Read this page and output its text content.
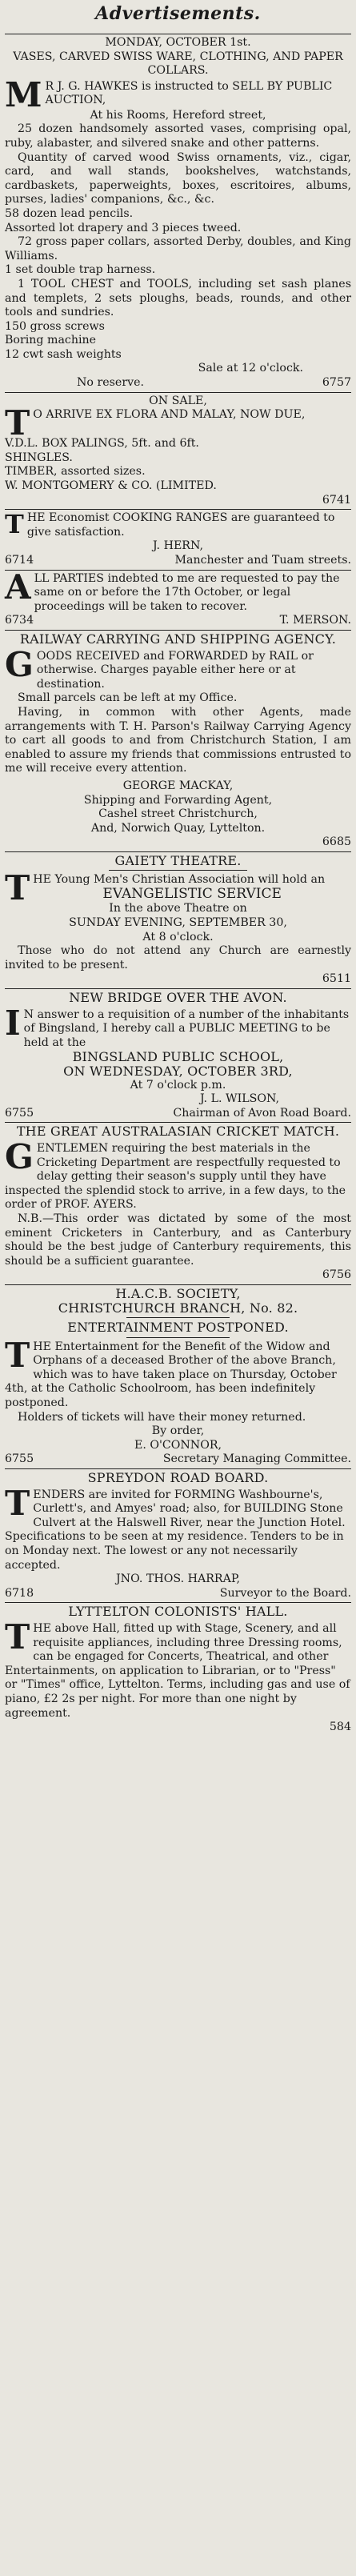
Advertisements.
MONDAY, OCTOBER 1st.
VASES, CARVED SWISS WARE, CLOTHING, AND PAPER COLLARS.
M R J. G. HAWKES is instructed to SELL BY PUBLIC AUCTION,
At his Rooms, Hereford street,
25 dozen handsomely assorted vases, comprising opal, ruby, alabaster, and silvered snake and other patterns.
Quantity of carved wood Swiss ornaments, viz., cigar, card, and wall stands, bookshelves, watchstands, cardbaskets, paperweights, boxes, escritoires, albums, purses, ladies' companions, &c., &c.
58 dozen lead pencils.
Assorted lot drapery and 3 pieces tweed.
72 gross paper collars, assorted Derby, doubles, and King Williams.
1 set double trap harness.
1 TOOL CHEST and TOOLS, including set sash planes and templets, 2 sets ploughs, beads, rounds, and other tools and sundries.
150 gross screws
Boring machine
12 cwt sash weights
Sale at 12 o'clock.
No reserve.	6757
ON SALE,
T O ARRIVE EX FLORA AND MALAY, NOW DUE,
V.D.L. BOX PALINGS, 5ft. and 6ft.
SHINGLES.
TIMBER, assorted sizes.
W. MONTGOMERY & CO. (LIMITED.
6741
T HE Economist COOKING RANGES are guaranteed to give satisfaction.
J. HERN,
6714	Manchester and Tuam streets.
A LL PARTIES indebted to me are requested to pay the same on or before the 17th October, or legal proceedings will be taken to recover.
6734	T. MERSON.
RAILWAY CARRYING AND SHIPPING AGENCY.
G OODS RECEIVED and FORWARDED by RAIL or otherwise. Charges payable either here or at destination.
Small parcels can be left at my Office.
Having, in common with other Agents, made arrangements with T. H. Parson's Railway Carrying Agency to cart all goods to and from Christchurch Station, I am enabled to assure my friends that commissions entrusted to me will receive every attention.
GEORGE MACKAY,
Shipping and Forwarding Agent,
Cashel street Christchurch,
And, Norwich Quay, Lyttelton.
6685
GAIETY THEATRE.
T HE Young Men's Christian Association will hold an
EVANGELISTIC SERVICE
In the above Theatre on
SUNDAY EVENING, SEPTEMBER 30,
At 8 o'clock.
Those who do not attend any Church are earnestly invited to be present.
6511
NEW BRIDGE OVER THE AVON.
I N answer to a requisition of a number of the inhabitants of Bingsland, I hereby call a PUBLIC MEETING to be held at the
BINGSLAND PUBLIC SCHOOL,
ON WEDNESDAY, OCTOBER 3RD,
At 7 o'clock p.m.
J. L. WILSON,
6755	Chairman of Avon Road Board.
THE GREAT AUSTRALASIAN CRICKET MATCH.
G ENTLEMEN requiring the best materials in the Cricketing Department are respectfully requested to delay getting their season's supply until they have inspected the splendid stock to arrive, in a few days, to the order of PROF. AYERS.
N.B.—This order was dictated by some of the most eminent Cricketers in Canterbury, and as Canterbury should be the best judge of Canterbury requirements, this should be a sufficient guarantee.
6756
H.A.C.B. SOCIETY,
CHRISTCHURCH BRANCH, No. 82.
ENTERTAINMENT POSTPONED.
T HE Entertainment for the Benefit of the Widow and Orphans of a deceased Brother of the above Branch, which was to have taken place on Thursday, October 4th, at the Catholic Schoolroom, has been indefinitely postponed.
Holders of tickets will have their money returned.
By order,
E. O'CONNOR,
6755	Secretary Managing Committee.
SPREYDON ROAD BOARD.
T ENDERS are invited for FORMING Washbourne's, Curlett's, and Amyes' road; also, for BUILDING Stone Culvert at the Halswell River, near the Junction Hotel. Specifications to be seen at my residence. Tenders to be in on Monday next. The lowest or any not necessarily accepted.
JNO. THOS. HARRAP,
6718	Surveyor to the Board.
LYTTELTON COLONISTS' HALL.
T HE above Hall, fitted up with Stage, Scenery, and all requisite appliances, including three Dressing rooms, can be engaged for Concerts, Theatrical, and other Entertainments, on application to Librarian, or to "Press" or "Times" office, Lyttelton. Terms, including gas and use of piano, £2 2s per night. For more than one night by agreement.
584
